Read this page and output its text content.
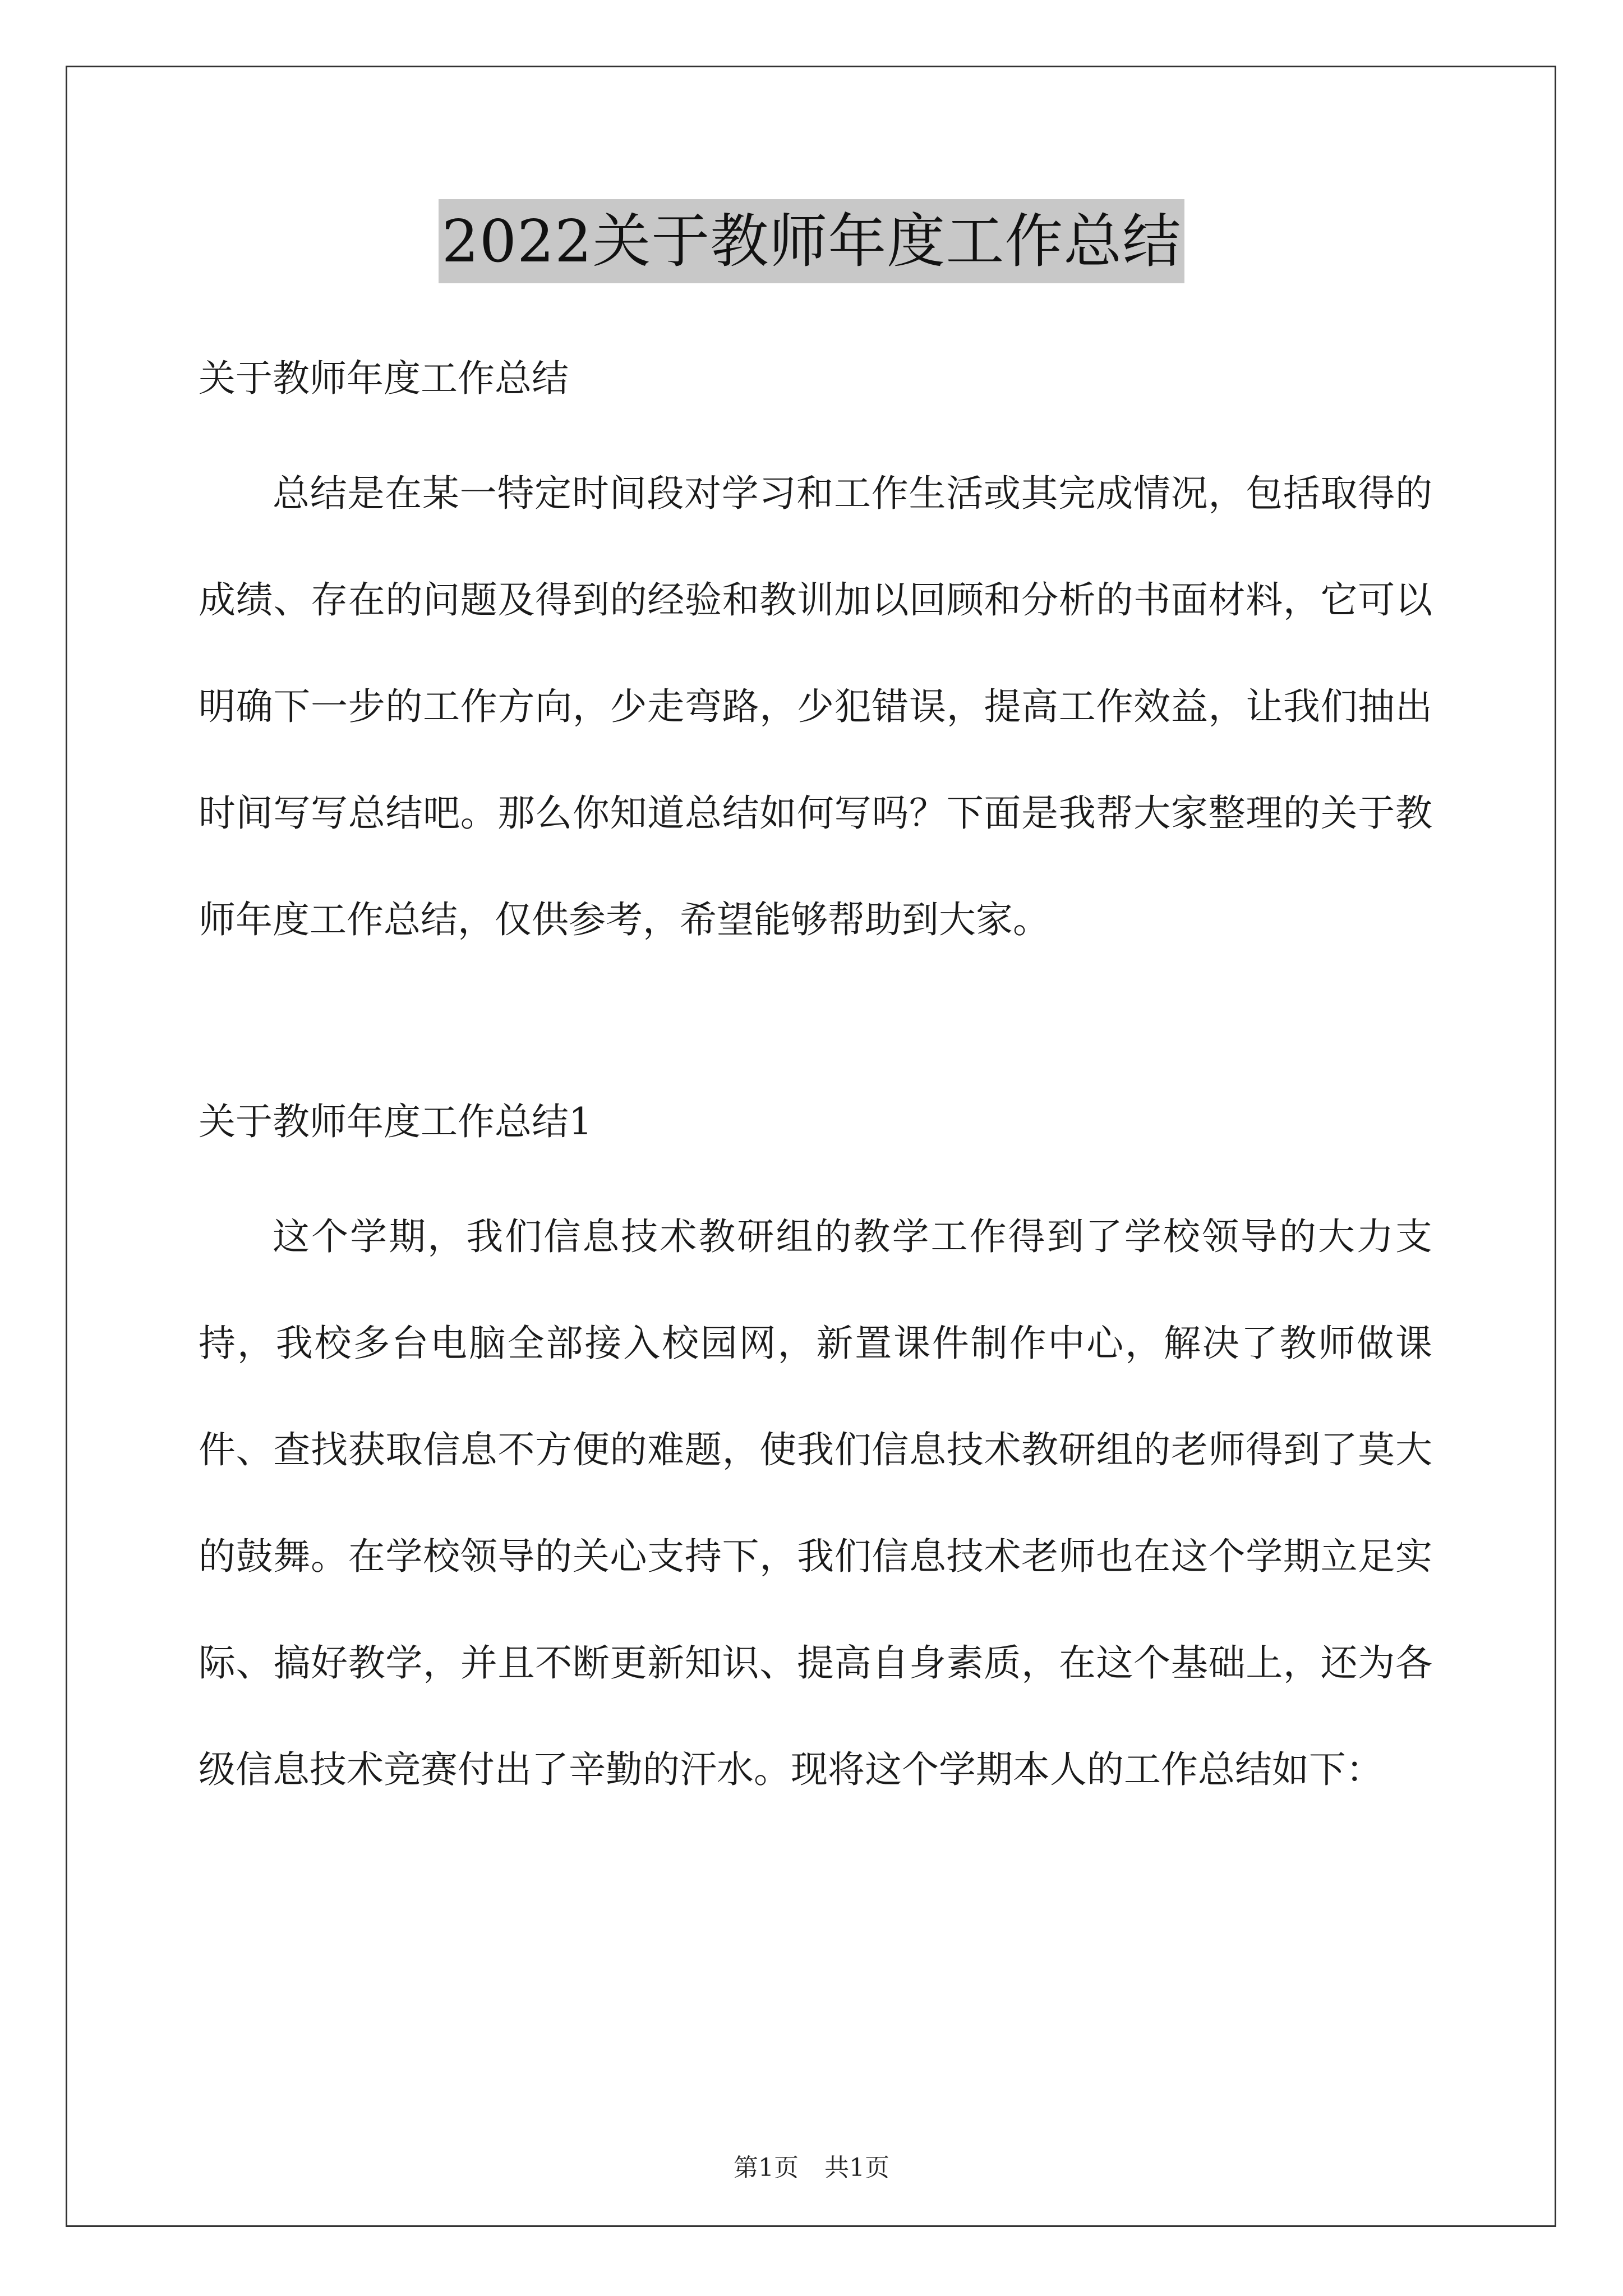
2022关于教师年度工作总结

关于教师年度工作总结

总结是在某一特定时间段对学习和工作生活或其完成情况，包括取得的成绩、存在的问题及得到的经验和教训加以回顾和分析的书面材料，它可以明确下一步的工作方向，少走弯路，少犯错误，提高工作效益，让我们抽出时间写写总结吧。那么你知道总结如何写吗？下面是我帮大家整理的关于教师年度工作总结，仅供参考，希望能够帮助到大家。

关于教师年度工作总结1

这个学期，我们信息技术教研组的教学工作得到了学校领导的大力支持，我校多台电脑全部接入校园网，新置课件制作中心，解决了教师做课件、查找获取信息不方便的难题，使我们信息技术教研组的老师得到了莫大的鼓舞。在学校领导的关心支持下，我们信息技术老师也在这个学期立足实际、搞好教学，并且不断更新知识、提高自身素质，在这个基础上，还为各级信息技术竞赛付出了辛勤的汗水。现将这个学期本人的工作总结如下：

第1页 共1页
